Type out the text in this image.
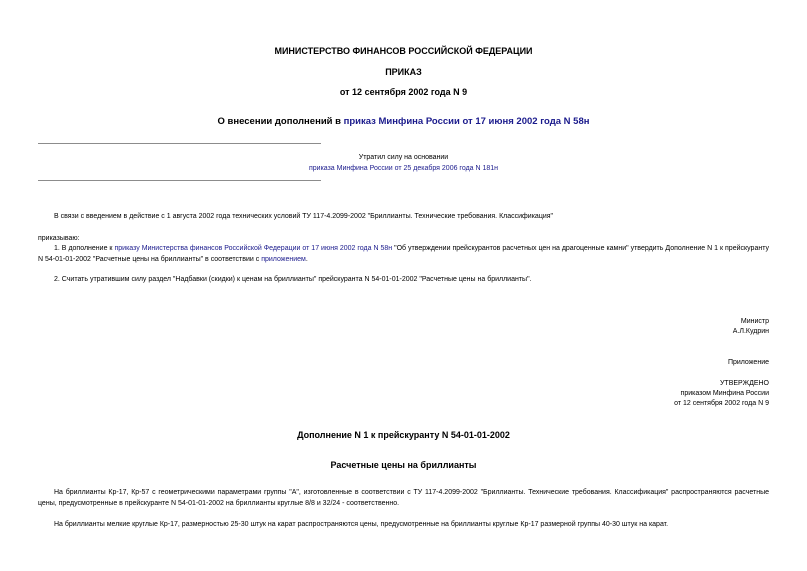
МИНИСТЕРСТВО ФИНАНСОВ РОССИЙСКОЙ ФЕДЕРАЦИИ

ПРИКАЗ

от 12 сентября 2002 года N 9

О внесении дополнений в приказ Минфина России от 17 июня 2002 года N 58н

Утратил силу на основании

приказа Минфина России от 25 декабря 2006 года N 181н

В связи с введением в действие с 1 августа 2002 года технических условий ТУ 117-4.2099-2002 "Бриллианты. Технические требования. Классификация"

приказываю:

1. В дополнение к приказу Министерства финансов Российской Федерации от 17 июня 2002 года N 58н "Об утверждении прейскурантов расчетных цен на драгоценные камни" утвердить Дополнение N 1 к прейскуранту N 54-01-01-2002 "Расчетные цены на бриллианты" в соответствии с приложением.

2. Считать утратившим силу раздел "Надбавки (скидки) к ценам на бриллианты" прейскуранта N 54-01-01-2002 "Расчетные цены на бриллианты".

Министр

А.Л.Кудрин

Приложение

УТВЕРЖДЕНО

приказом Минфина России

от 12 сентября 2002 года N 9

Дополнение N 1 к прейскуранту N 54-01-01-2002

Расчетные цены на бриллианты

На бриллианты Кр-17, Кр-57 с геометрическими параметрами группы "А", изготовленные в соответствии с ТУ 117-4.2099-2002 "Бриллианты. Технические требования. Классификация" распространяются расчетные цены, предусмотренные в прейскуранте N 54-01-01-2002 на бриллианты круглые 8/8 и 32/24 - соответственно.

На бриллианты мелкие круглые Кр-17, размерностью 25-30 штук на карат распространяются цены, предусмотренные на бриллианты круглые Кр-17 размерной группы 40-30 штук на карат.
